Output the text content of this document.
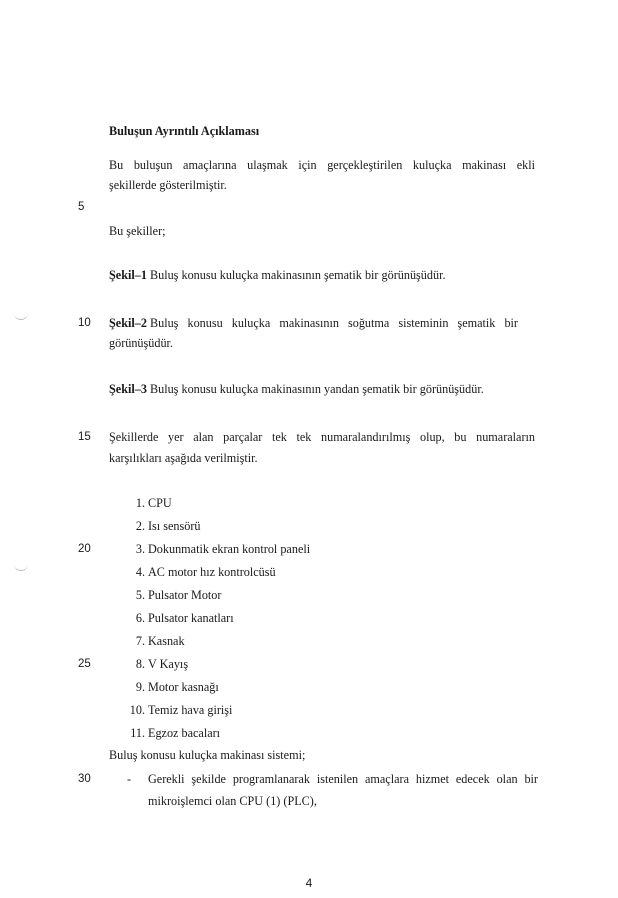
Buluşun Ayrıntılı Açıklaması
Bu buluşun amaçlarına ulaşmak için gerçekleştirilen kuluçka makinası ekli
şekillerde gösterilmiştir.
5
Bu şekiller;
Şekil–1 Buluş konusu kuluçka makinasının şematik bir görünüşüdür.
10	Şekil–2 Buluş konusu kuluçka makinasının soğutma sisteminin şematik bir
görünüşüdür.
Şekil–3 Buluş konusu kuluçka makinasının yandan şematik bir görünüşüdür.
15	Şekillerde yer alan parçalar tek tek numaralandırılmış olup, bu numaraların
karşılıkları aşağıda verilmiştir.
1. CPU
2. Isı sensörü
20	3. Dokunmatik ekran kontrol paneli
4. AC motor hız kontrolcüsü
5. Pulsator Motor
6. Pulsator kanatları
7. Kasnak
25	8. V Kayış
9. Motor kasnağı
10. Temiz hava girişi
11. Egzoz bacaları
Buluş konusu kuluçka makinası sistemi;
30	- Gerekli şekilde programlanarak istenilen amaçlara hizmet edecek olan bir
mikroişlemci olan CPU (1) (PLC),
4
